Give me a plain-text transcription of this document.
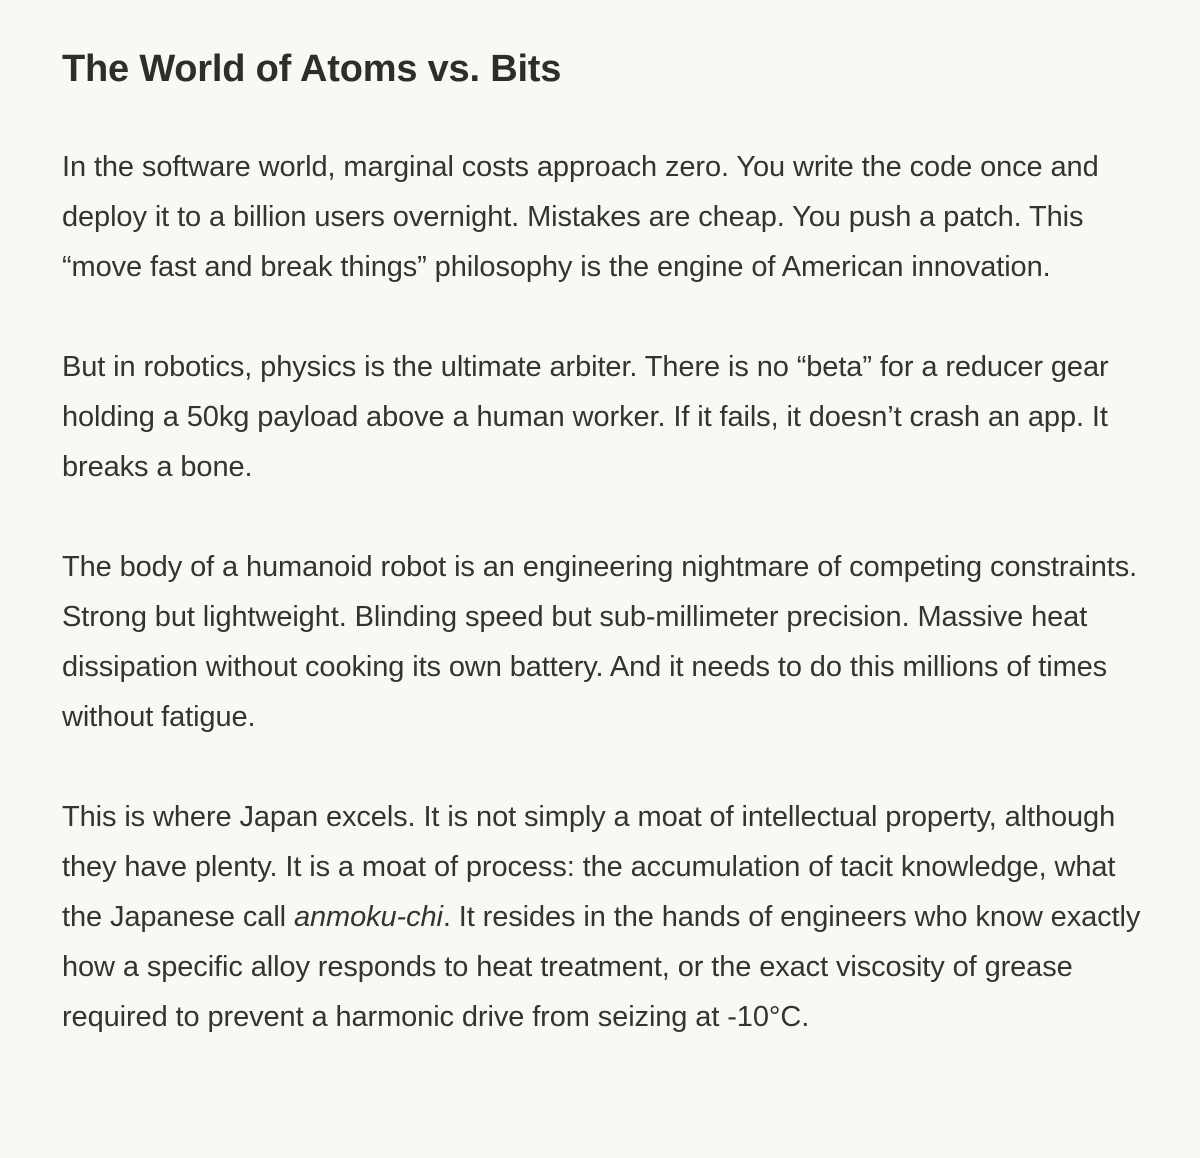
The World of Atoms vs. Bits

In the software world, marginal costs approach zero. You write the code once and deploy it to a billion users overnight. Mistakes are cheap. You push a patch. This “move fast and break things” philosophy is the engine of American innovation.

But in robotics, physics is the ultimate arbiter. There is no “beta” for a reducer gear holding a 50kg payload above a human worker. If it fails, it doesn’t crash an app. It breaks a bone.

The body of a humanoid robot is an engineering nightmare of competing constraints. Strong but lightweight. Blinding speed but sub-millimeter precision. Massive heat dissipation without cooking its own battery. And it needs to do this millions of times without fatigue.

This is where Japan excels. It is not simply a moat of intellectual property, although they have plenty. It is a moat of process: the accumulation of tacit knowledge, what the Japanese call anmoku-chi. It resides in the hands of engineers who know exactly how a specific alloy responds to heat treatment, or the exact viscosity of grease required to prevent a harmonic drive from seizing at -10°C.
